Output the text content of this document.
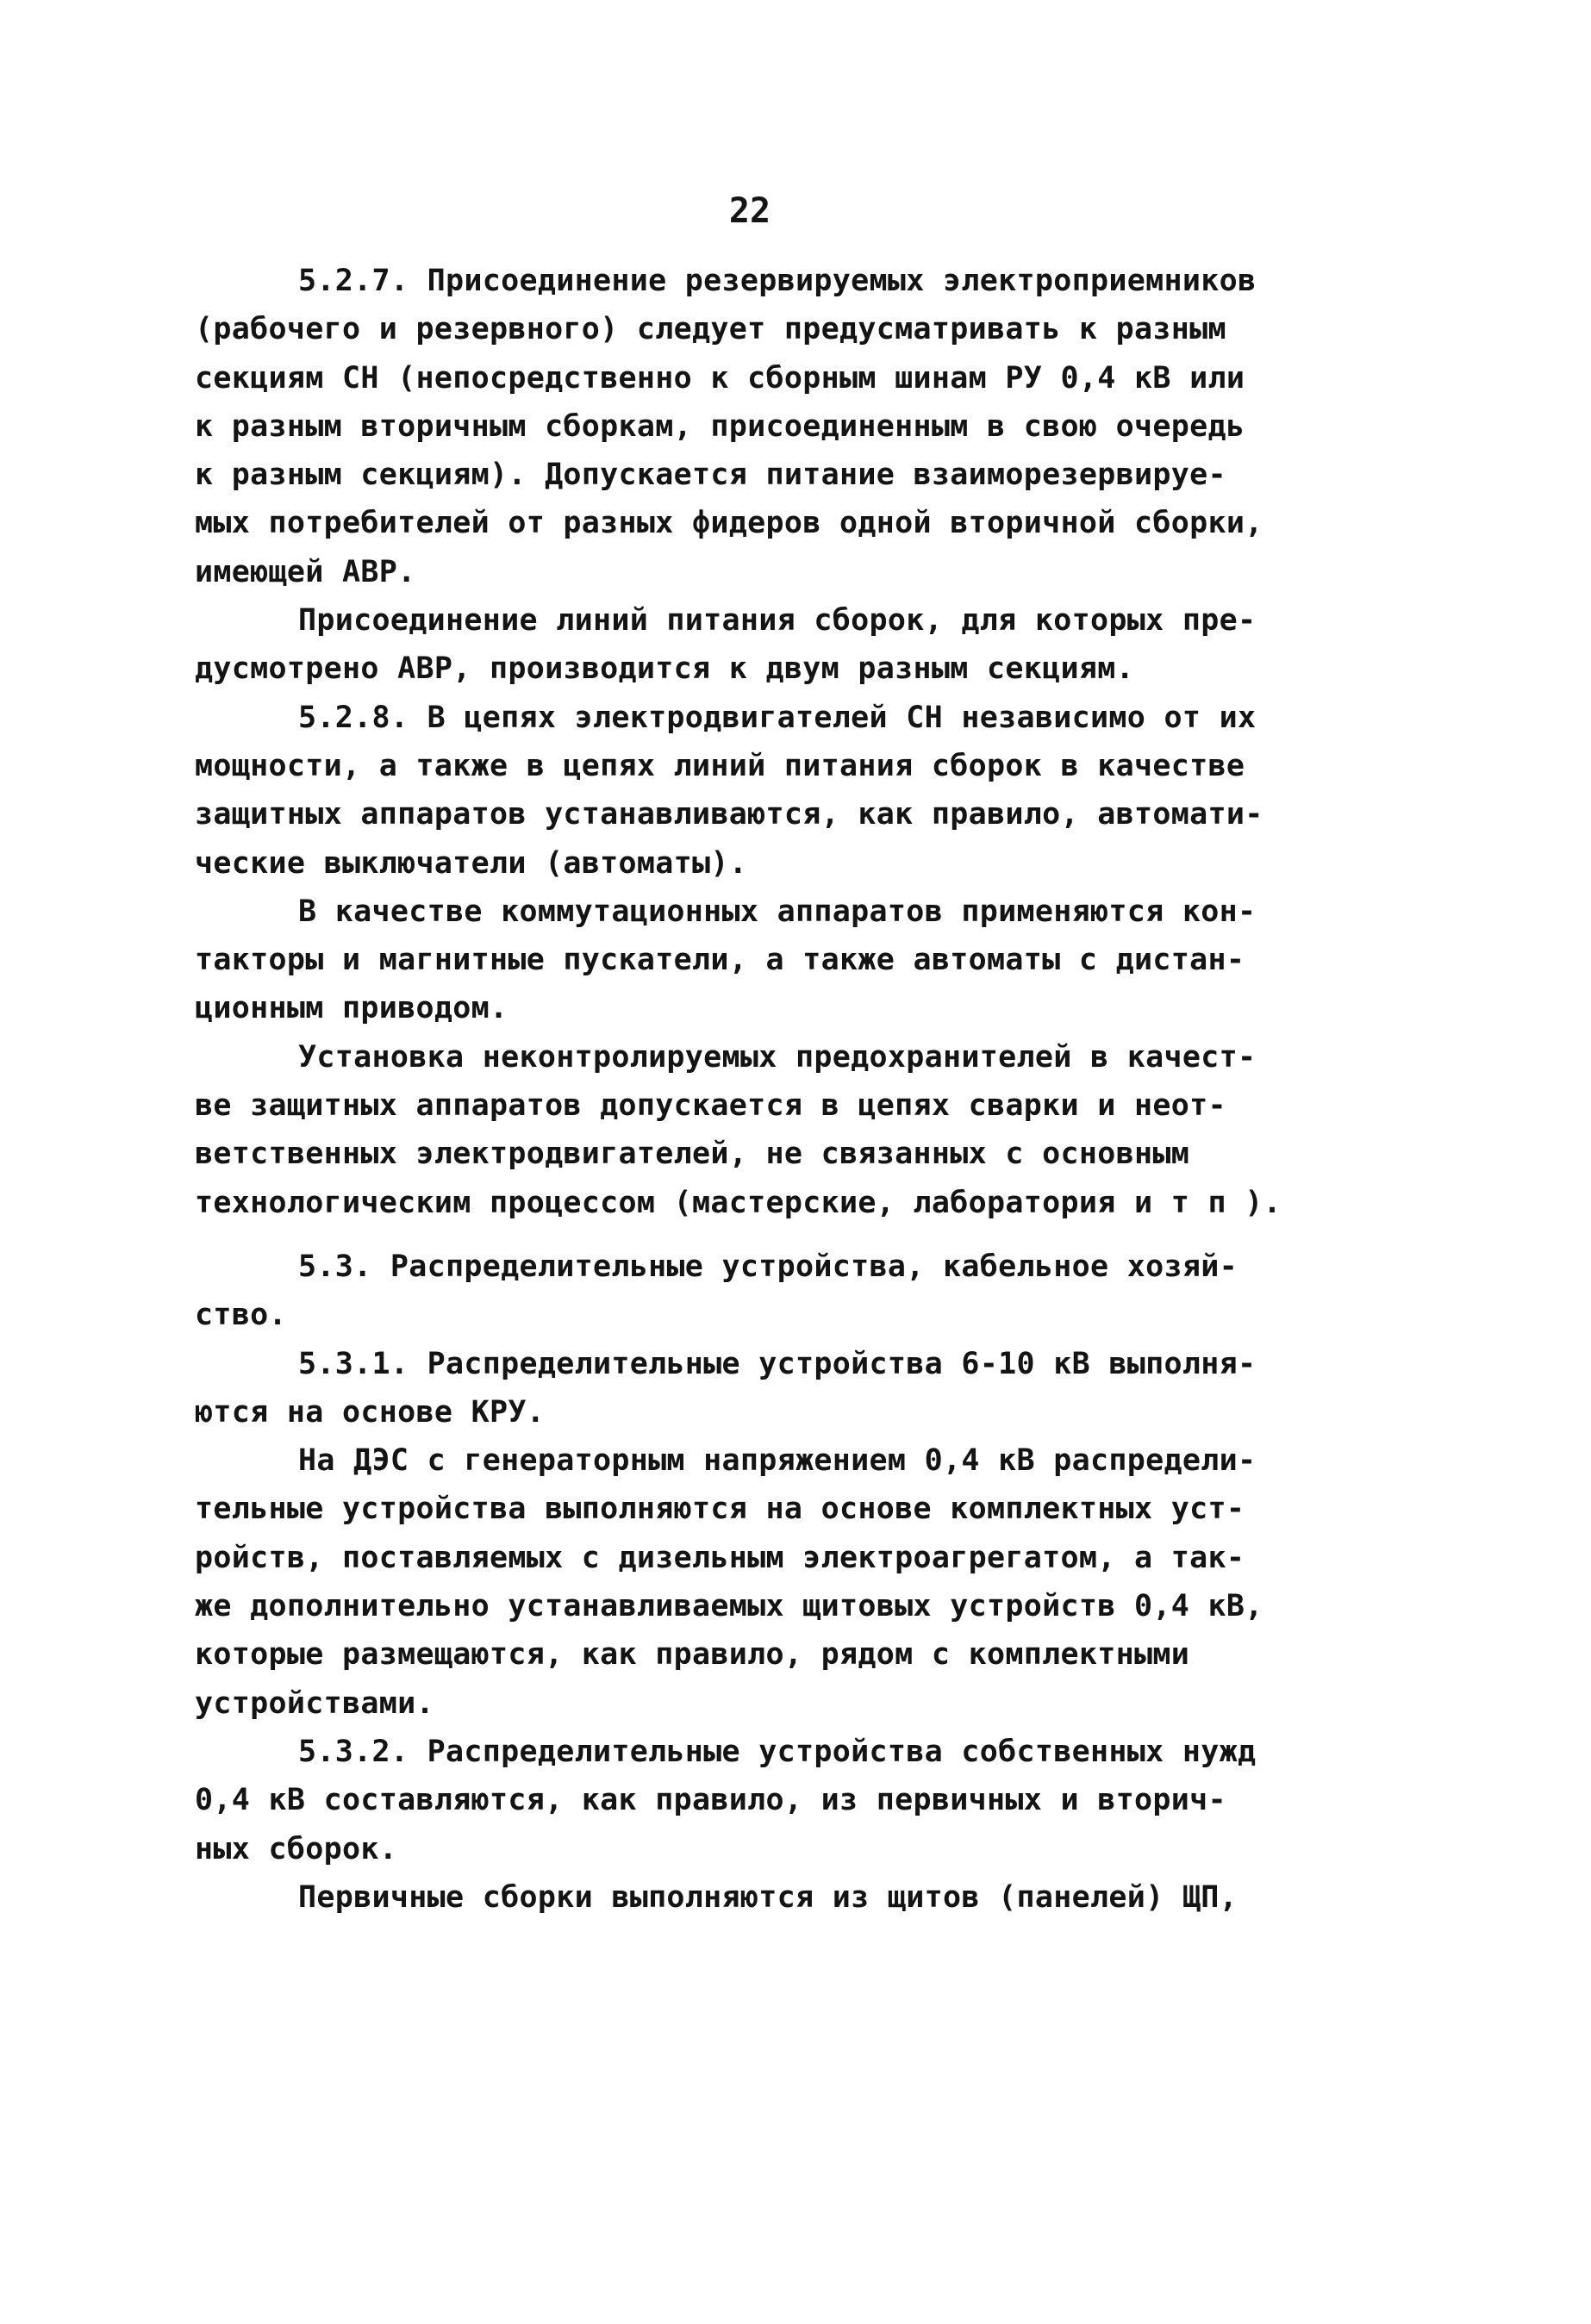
22
5.2.7. Присоединение резервируемых электроприемников
(рабочего и резервного) следует предусматривать к разным
секциям СН (непосредственно к сборным шинам РУ 0,4 кВ или
к разным вторичным сборкам, присоединенным в свою очередь
к разным секциям). Допускается питание взаиморезервируе-
мых потребителей от разных фидеров одной вторичной сборки,
имеющей АВР.
Присоединение линий питания сборок, для которых пре-
дусмотрено АВР, производится к двум разным секциям.
5.2.8. В цепях электродвигателей СН независимо от их
мощности, а также в цепях линий питания сборок в качестве
защитных аппаратов устанавливаются, как правило, автомати-
ческие выключатели (автоматы).
В качестве коммутационных аппаратов применяются кон-
такторы и магнитные пускатели, а также автоматы с дистан-
ционным приводом.
Установка неконтролируемых предохранителей в качест-
ве защитных аппаратов допускается в цепях сварки и неот-
ветственных электродвигателей, не связанных с основным
технологическим процессом (мастерские, лаборатория и т п ).
5.3. Распределительные устройства, кабельное хозяй-
ство.
5.3.1. Распределительные устройства 6-10 кВ выполня-
ются на основе КРУ.
На ДЭС с генераторным напряжением 0,4 кВ распредели-
тельные устройства выполняются на основе комплектных уст-
ройств, поставляемых с дизельным электроагрегатом, а так-
же дополнительно устанавливаемых щитовых устройств 0,4 кВ,
которые размещаются, как правило, рядом с комплектными
устройствами.
5.3.2. Распределительные устройства собственных нужд
0,4 кВ составляются, как правило, из первичных и вторич-
ных сборок.
Первичные сборки выполняются из щитов (панелей) ЩП,
